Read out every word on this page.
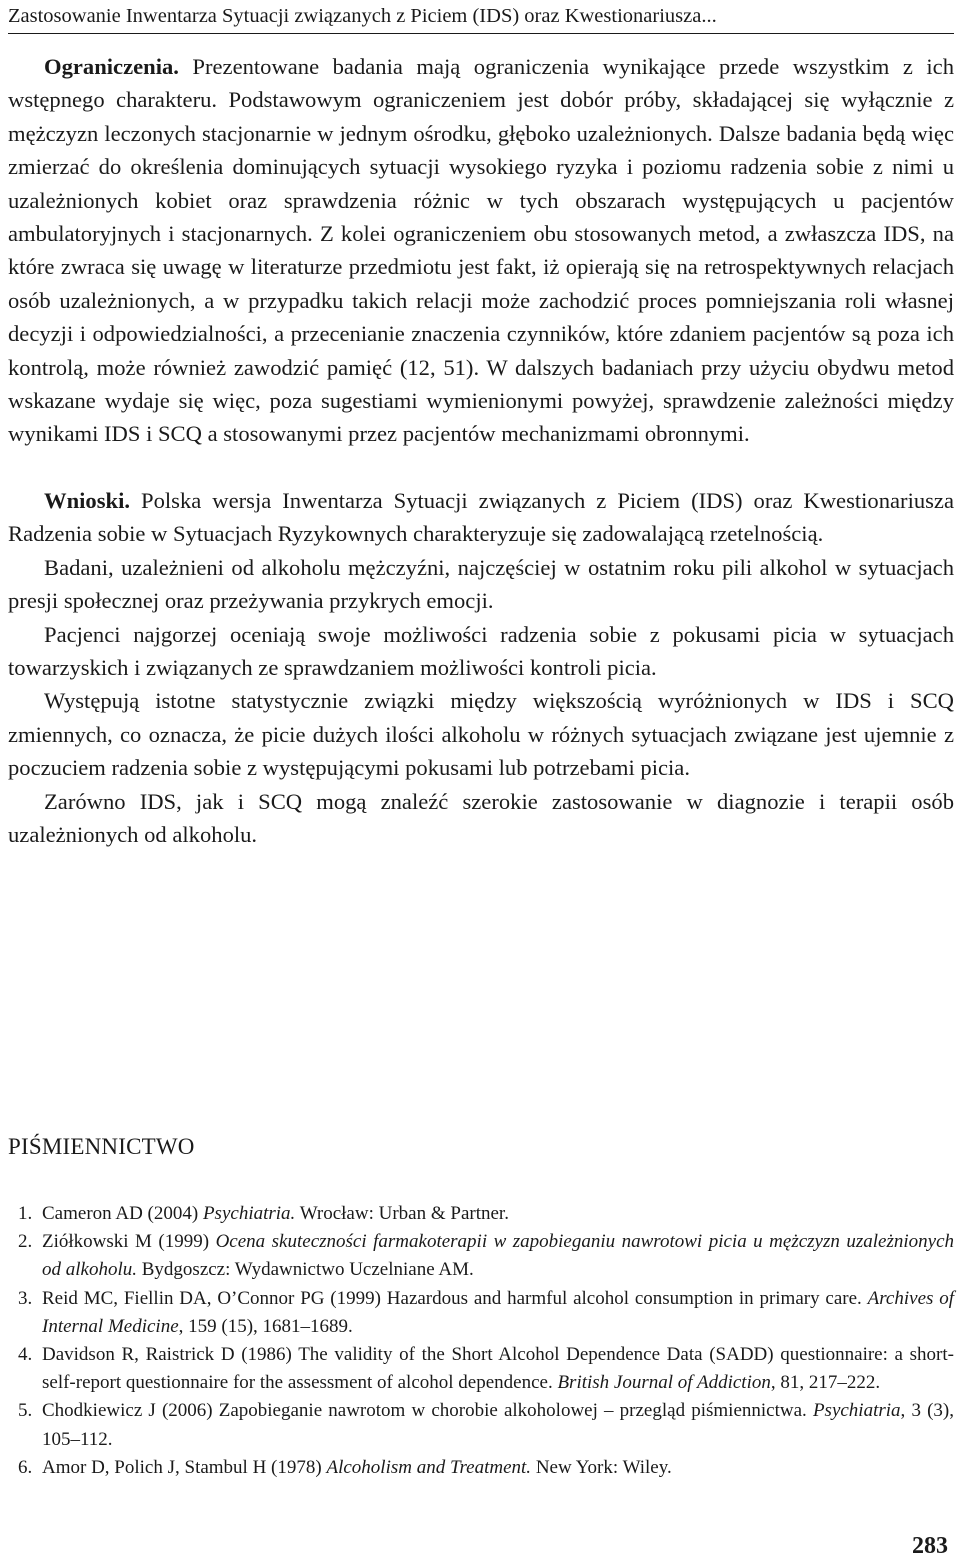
Zastosowanie Inwentarza Sytuacji związanych z Piciem (IDS) oraz Kwestionariusza...

Ograniczenia. Prezentowane badania mają ograniczenia wynikające przede wszystkim z ich wstępnego charakteru. Podstawowym ograniczeniem jest dobór próby, składającej się wyłącznie z mężczyzn leczonych stacjonarnie w jednym ośrodku, głęboko uzależnionych. Dalsze badania będą więc zmierzać do określenia dominujących sytuacji wysokiego ryzyka i poziomu radzenia sobie z nimi u uzależnionych kobiet oraz sprawdzenia różnic w tych obszarach występujących u pacjentów ambulatoryjnych i stacjonarnych. Z kolei ograniczeniem obu stosowanych metod, a zwłaszcza IDS, na które zwraca się uwagę w literaturze przedmiotu jest fakt, iż opierają się na retrospektywnych relacjach osób uzależnionych, a w przypadku takich relacji może zachodzić proces pomniejszania roli własnej decyzji i odpowiedzialności, a przecenianie znaczenia czynników, które zdaniem pacjentów są poza ich kontrolą, może również zawodzić pamięć (12, 51). W dalszych badaniach przy użyciu obydwu metod wskazane wydaje się więc, poza sugestiami wymienionymi powyżej, sprawdzenie zależności między wynikami IDS i SCQ a stosowanymi przez pacjentów mechanizmami obronnymi.

Wnioski. Polska wersja Inwentarza Sytuacji związanych z Piciem (IDS) oraz Kwestionariusza Radzenia sobie w Sytuacjach Ryzykownych charakteryzuje się zadowalającą rzetelnością.

Badani, uzależnieni od alkoholu mężczyźni, najczęściej w ostatnim roku pili alkohol w sytuacjach presji społecznej oraz przeżywania przykrych emocji.

Pacjenci najgorzej oceniają swoje możliwości radzenia sobie z pokusami picia w sytuacjach towarzyskich i związanych ze sprawdzaniem możliwości kontroli picia.

Występują istotne statystycznie związki między większością wyróżnionych w IDS i SCQ zmiennych, co oznacza, że picie dużych ilości alkoholu w różnych sytuacjach związane jest ujemnie z poczuciem radzenia sobie z występującymi pokusami lub potrzebami picia.

Zarówno IDS, jak i SCQ mogą znaleźć szerokie zastosowanie w diagnozie i terapii osób uzależnionych od alkoholu.

PIŚMIENNICTWO
1. Cameron AD (2004) Psychiatria. Wrocław: Urban & Partner.
2. Ziółkowski M (1999) Ocena skuteczności farmakoterapii w zapobieganiu nawrotowi picia u mężczyzn uzależnionych od alkoholu. Bydgoszcz: Wydawnictwo Uczelniane AM.
3. Reid MC, Fiellin DA, O’Connor PG (1999) Hazardous and harmful alcohol consumption in primary care. Archives of Internal Medicine, 159 (15), 1681–1689.
4. Davidson R, Raistrick D (1986) The validity of the Short Alcohol Dependence Data (SADD) questionnaire: a short-self-report questionnaire for the assessment of alcohol dependence. British Journal of Addiction, 81, 217–222.
5. Chodkiewicz J (2006) Zapobieganie nawrotom w chorobie alkoholowej – przegląd piśmiennictwa. Psychiatria, 3 (3), 105–112.
6. Amor D, Polich J, Stambul H (1978) Alcoholism and Treatment. New York: Wiley.
283
